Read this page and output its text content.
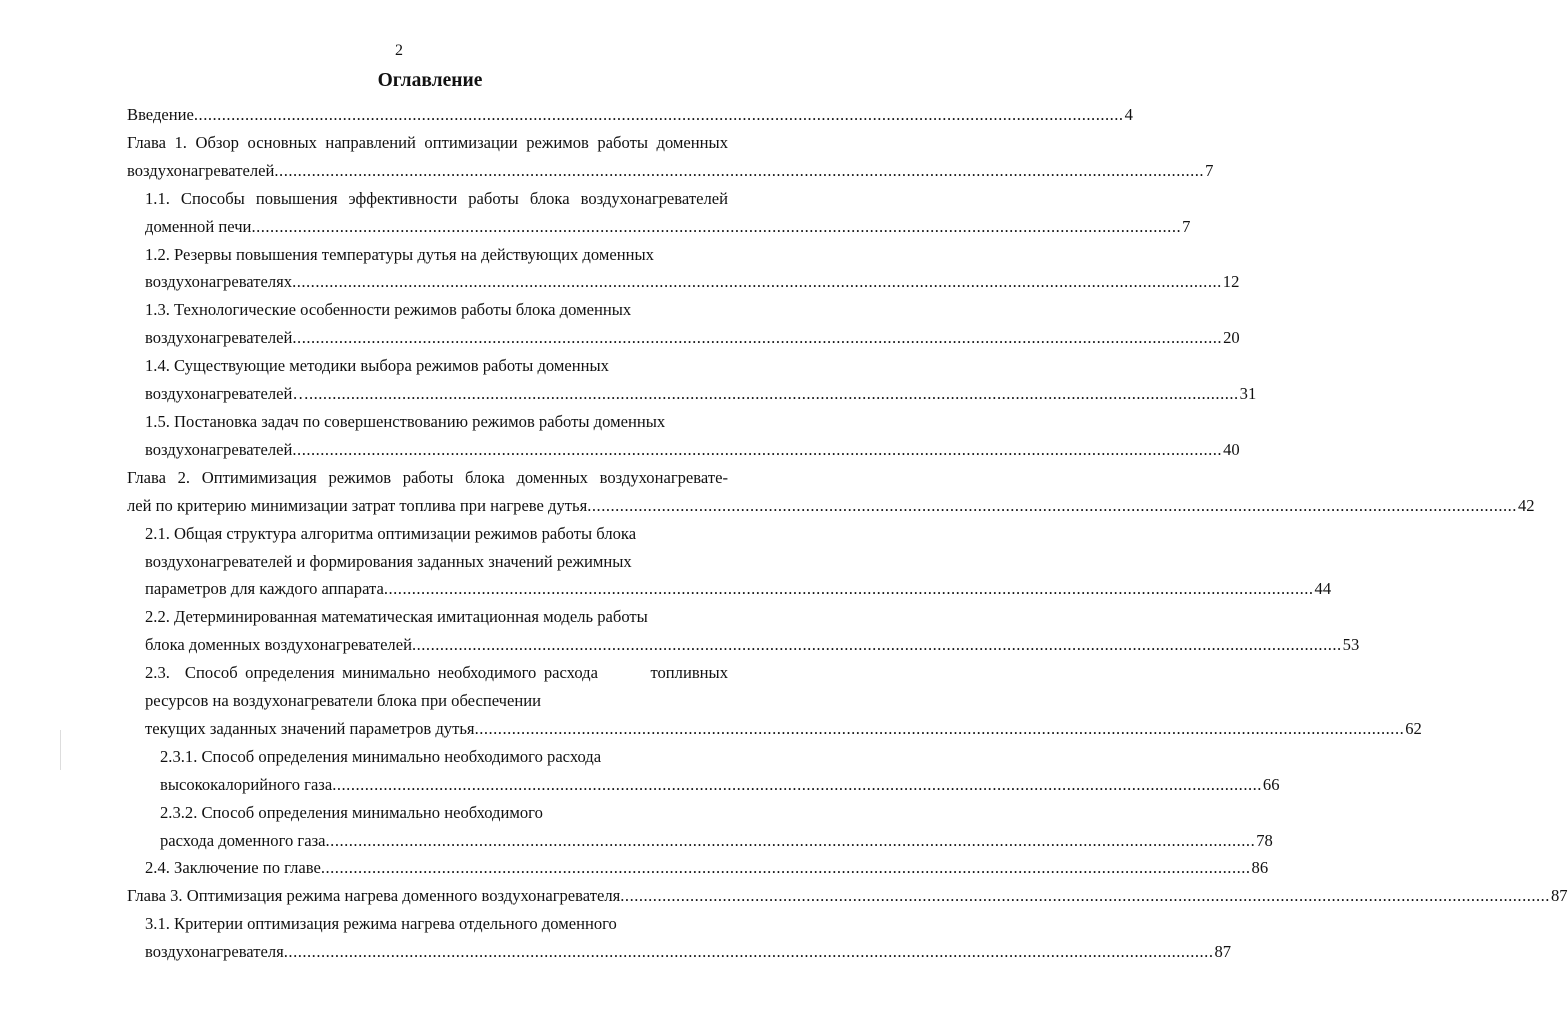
2
Оглавление
Введение ........................................................................................................................................................................................................ 4
Глава 1. Обзор основных направлений оптимизации режимов работы доменных
воздухонагревателей ........................................................................................................................................................................................................ 7
1.1. Способы повышения эффективности работы блока воздухонагревателей
доменной печи ........................................................................................................................................................................................................ 7
1.2. Резервы повышения температуры дутья на действующих доменных
воздухонагревателях ........................................................................................................................................................................................................ 12
1.3. Технологические особенности режимов работы блока доменных
воздухонагревателей ........................................................................................................................................................................................................ 20
1.4. Существующие методики выбора режимов работы доменных
воздухонагревателей… ........................................................................................................................................................................................................ 31
1.5. Постановка задач по совершенствованию режимов работы доменных
воздухонагревателей ........................................................................................................................................................................................................ 40
Глава 2. Оптимимизация режимов работы блока доменных воздухонагревате-
лей по критерию минимизации затрат топлива при нагреве дутья ........................................................................................................................................................................................................ 42
2.1. Общая структура алгоритма оптимизации режимов работы блока
воздухонагревателей и формирования заданных значений режимных
параметров для каждого аппарата ........................................................................................................................................................................................................ 44
2.2. Детерминированная математическая имитационная модель работы
блока доменных воздухонагревателей ........................................................................................................................................................................................................ 53
2.3.  Способ определения минимально необходимого расхода       топливных
ресурсов на воздухонагреватели блока при обеспечении
текущих заданных значений параметров дутья ........................................................................................................................................................................................................ 62
2.3.1. Способ определения минимально необходимого расхода
высококалорийного газа ........................................................................................................................................................................................................ 66
2.3.2. Способ определения минимально необходимого
расхода доменного газа ........................................................................................................................................................................................................ 78
2.4. Заключение по главе ........................................................................................................................................................................................................ 86
Глава 3. Оптимизация режима нагрева доменного воздухонагревателя ........................................................................................................................................................................................................ 87
3.1. Критерии оптимизация режима нагрева отдельного доменного
воздухонагревателя ........................................................................................................................................................................................................ 87
